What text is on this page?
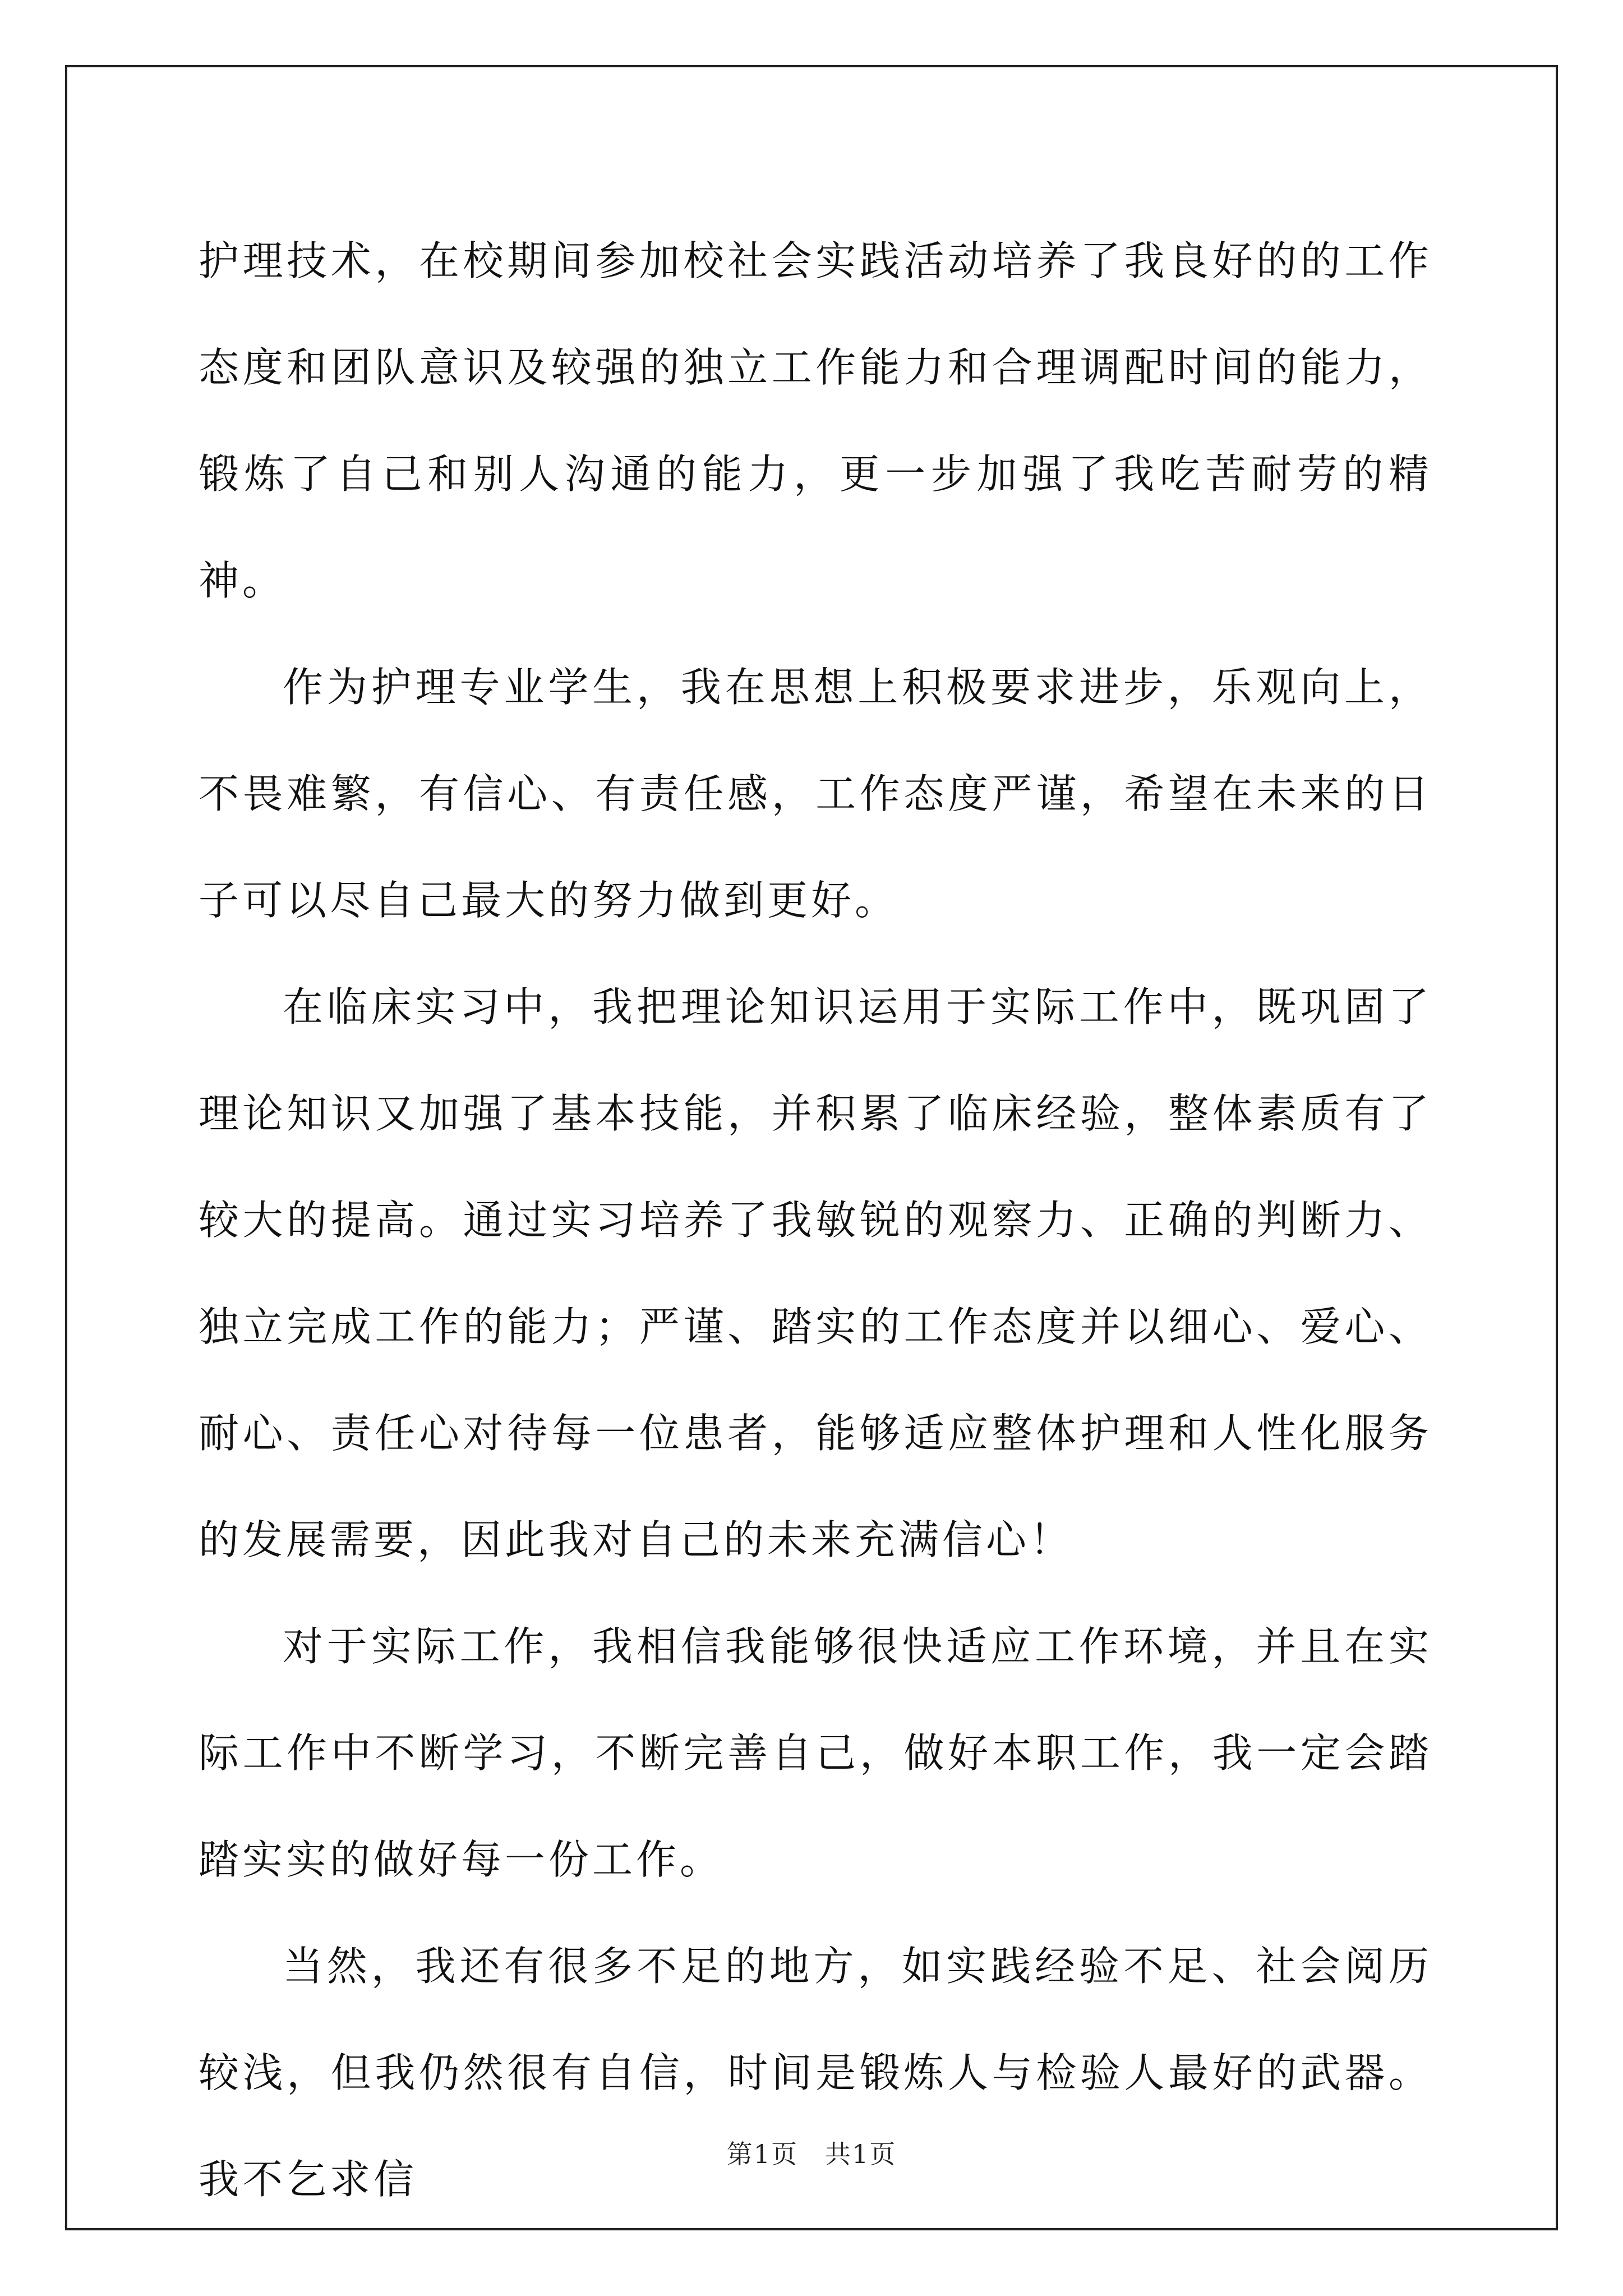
护理技术，在校期间参加校社会实践活动培养了我良好的的工作态度和团队意识及较强的独立工作能力和合理调配时间的能力，锻炼了自己和别人沟通的能力，更一步加强了我吃苦耐劳的精神。

作为护理专业学生，我在思想上积极要求进步，乐观向上，不畏难繁，有信心、有责任感，工作态度严谨，希望在未来的日子可以尽自己最大的努力做到更好。

在临床实习中，我把理论知识运用于实际工作中，既巩固了理论知识又加强了基本技能，并积累了临床经验，整体素质有了较大的提高。通过实习培养了我敏锐的观察力、正确的判断力、独立完成工作的能力；严谨、踏实的工作态度并以细心、爱心、耐心、责任心对待每一位患者，能够适应整体护理和人性化服务的发展需要，因此我对自己的未来充满信心！

对于实际工作，我相信我能够很快适应工作环境，并且在实际工作中不断学习，不断完善自己，做好本职工作，我一定会踏踏实实的做好每一份工作。

当然，我还有很多不足的地方，如实践经验不足、社会阅历较浅，但我仍然很有自信，时间是锻炼人与检验人最好的武器。我不乞求信

第1页　共1页
